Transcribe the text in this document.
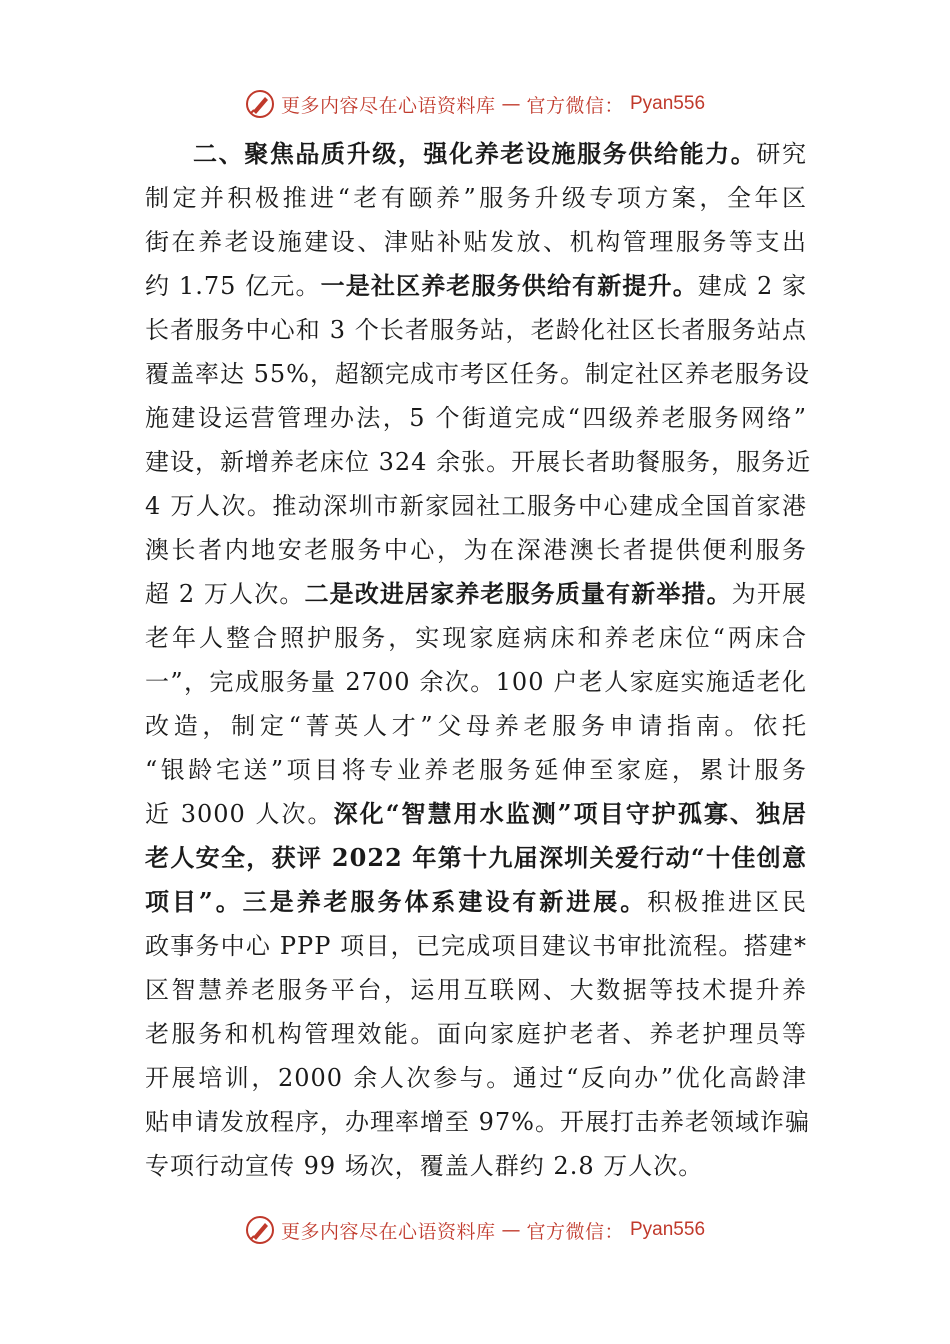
更多内容尽在心语资料库 — 官方微信： Pyan556
二、聚焦品质升级，强化养老设施服务供给能力。研究
制定并积极推进“老有颐养”服务升级专项方案，全年区
街在养老设施建设、津贴补贴发放、机构管理服务等支出
约 1.75 亿元。一是社区养老服务供给有新提升。建成 2 家
长者服务中心和 3 个长者服务站，老龄化社区长者服务站点
覆盖率达 55%，超额完成市考区任务。制定社区养老服务设
施建设运营管理办法，5 个街道完成“四级养老服务网络”
建设，新增养老床位 324 余张。开展长者助餐服务，服务近
4 万人次。推动深圳市新家园社工服务中心建成全国首家港
澳长者内地安老服务中心，为在深港澳长者提供便利服务
超 2 万人次。二是改进居家养老服务质量有新举措。为开展
老年人整合照护服务，实现家庭病床和养老床位“两床合
一”，完成服务量 2700 余次。100 户老人家庭实施适老化
改造，制定“菁英人才”父母养老服务申请指南。依托
“银龄宅送”项目将专业养老服务延伸至家庭，累计服务
近 3000 人次。深化“智慧用水监测”项目守护孤寡、独居
老人安全，获评 2022 年第十九届深圳关爱行动“十佳创意
项目”。三是养老服务体系建设有新进展。积极推进区民
政事务中心 PPP 项目，已完成项目建议书审批流程。搭建*
区智慧养老服务平台，运用互联网、大数据等技术提升养
老服务和机构管理效能。面向家庭护老者、养老护理员等
开展培训，2000 余人次参与。通过“反向办”优化高龄津
贴申请发放程序，办理率增至 97%。开展打击养老领域诈骗
专项行动宣传 99 场次，覆盖人群约 2.8 万人次。
更多内容尽在心语资料库 — 官方微信： Pyan556
